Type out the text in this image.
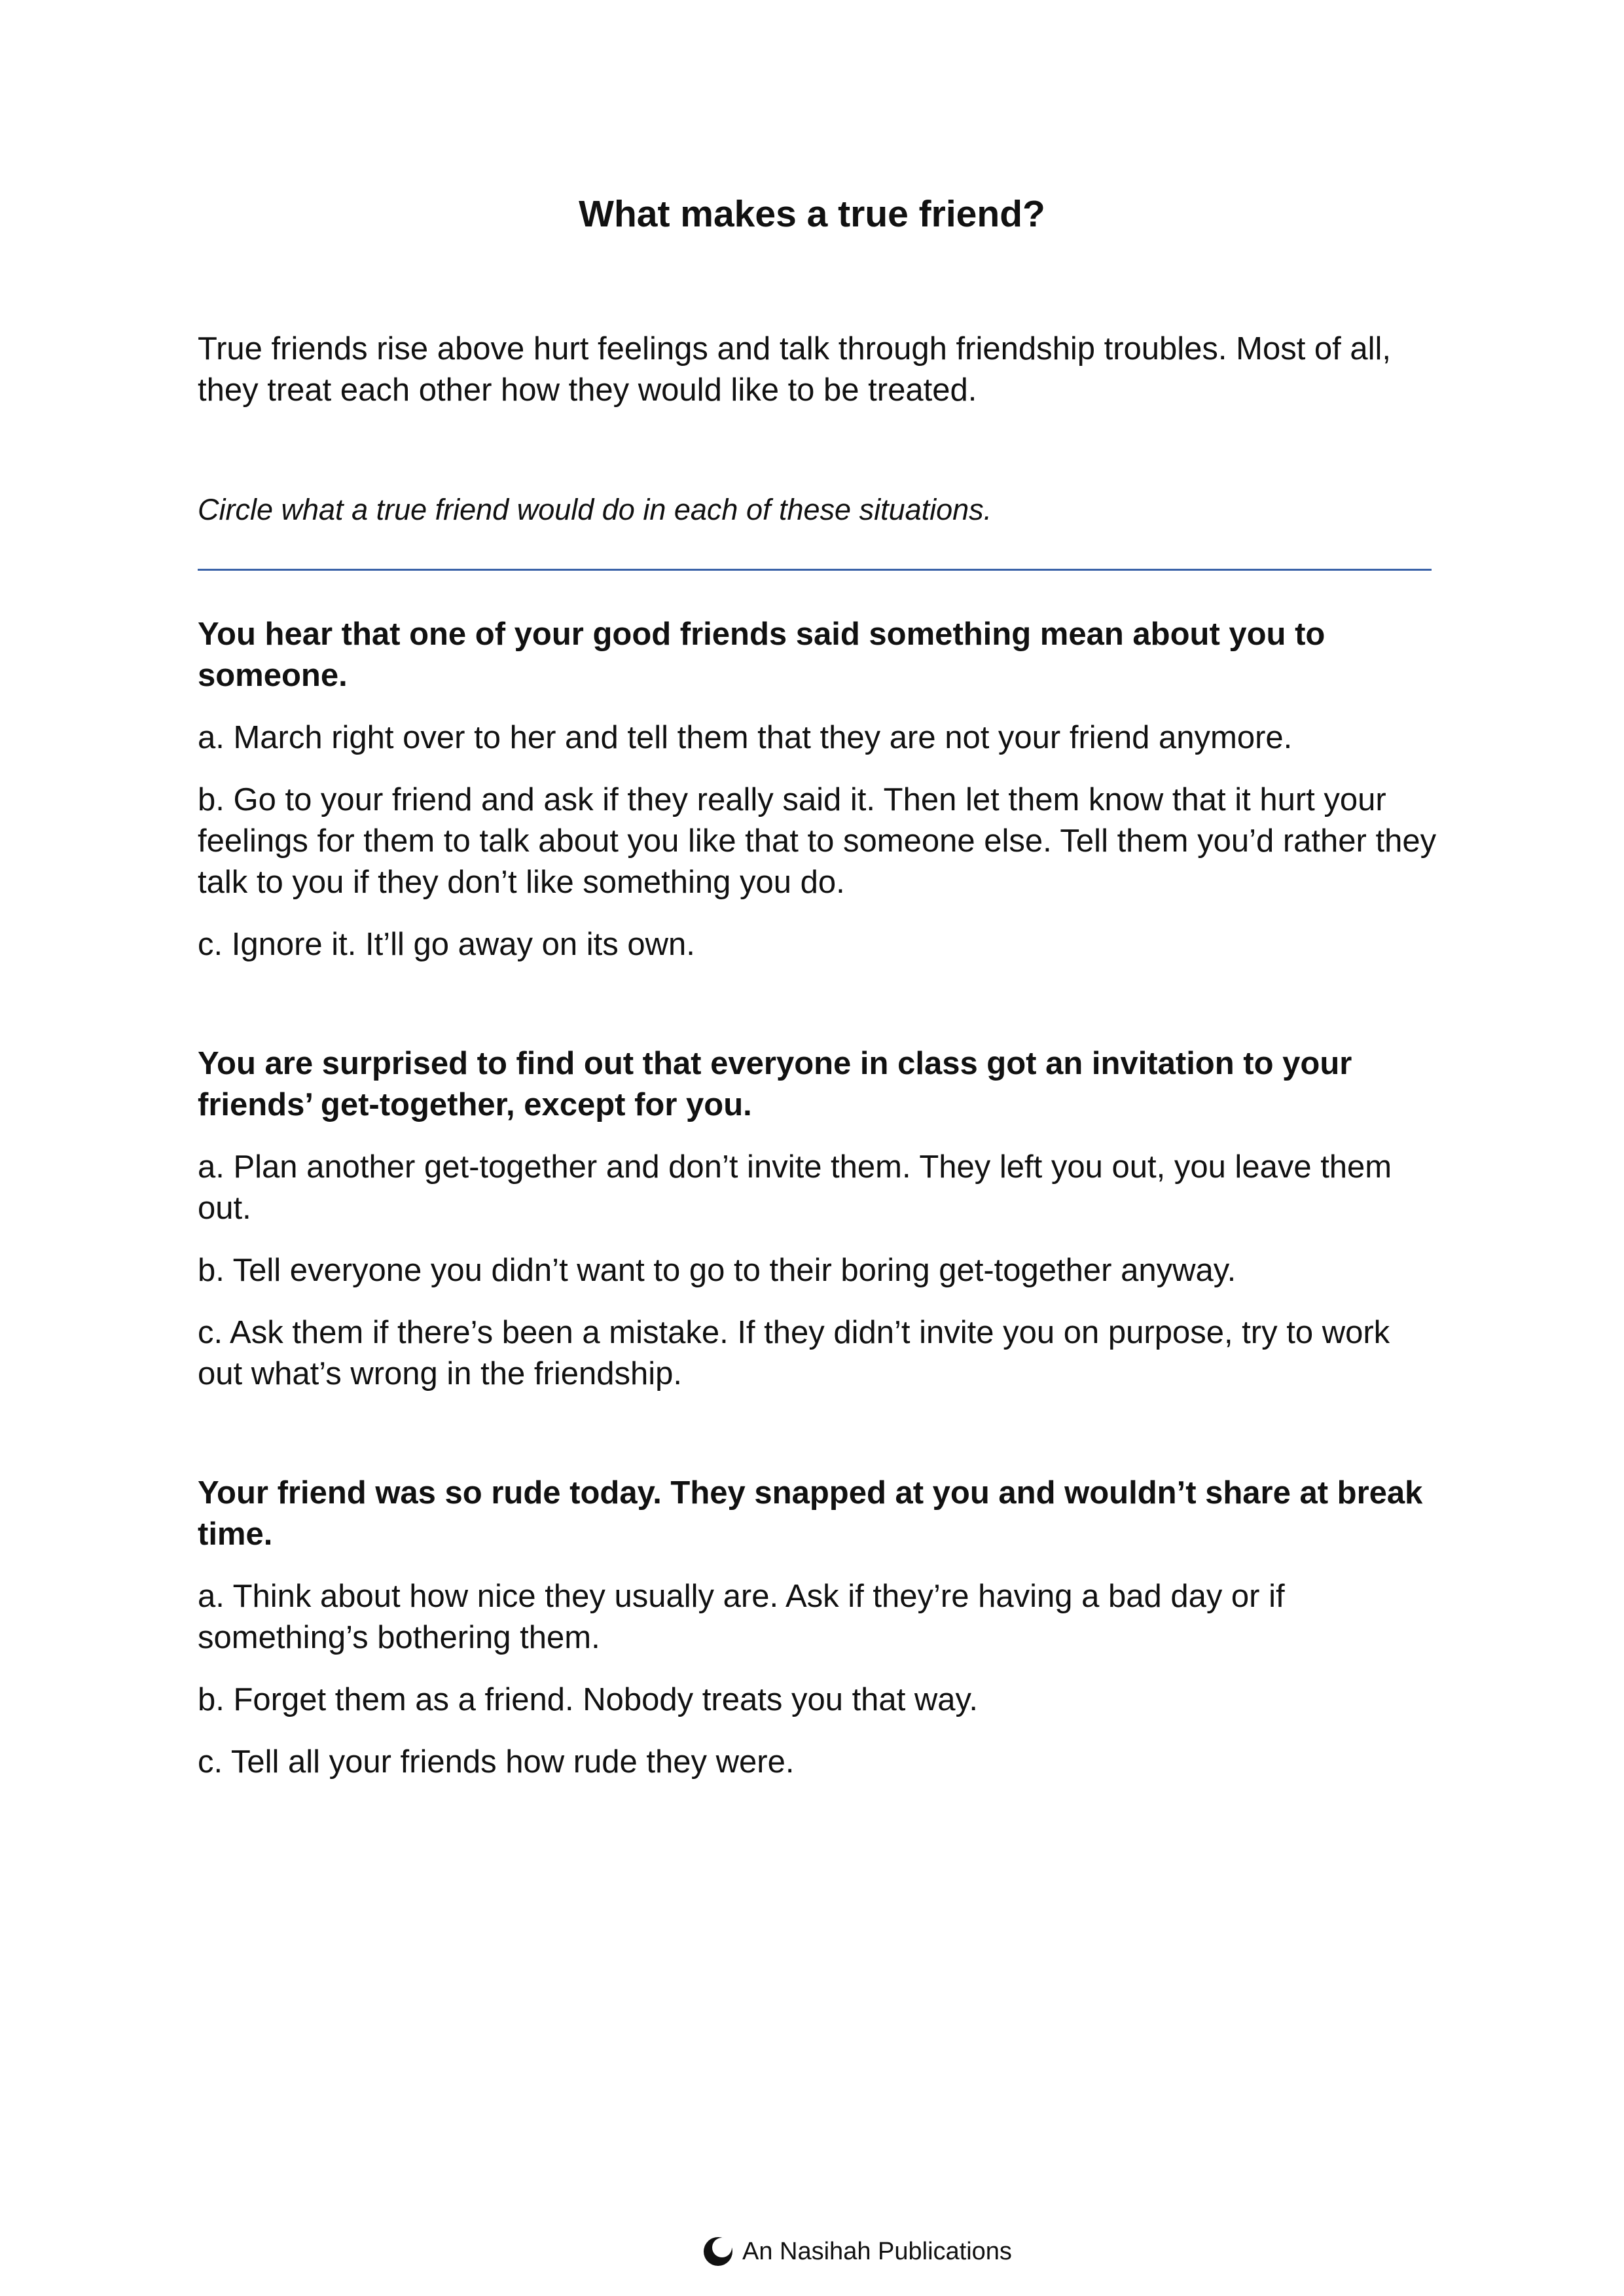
What makes a true friend?
True friends rise above hurt feelings and talk through friendship troubles. Most of all, they treat each other how they would like to be treated.
Circle what a true friend would do in each of these situations.
You hear that one of your good friends said something mean about you to someone.
a. March right over to her and tell them that they are not your friend anymore.
b. Go to your friend and ask if they really said it. Then let them know that it hurt your feelings for them to talk about you like that to someone else. Tell them you’d rather they talk to you if they don’t like something you do.
c. Ignore it. It’ll go away on its own.
You are surprised to find out that everyone in class got an invitation to your friends’ get-together, except for you.
a. Plan another get-together and don’t invite them. They left you out, you leave them out.
b. Tell everyone you didn’t want to go to their boring get-together anyway.
c. Ask them if there’s been a mistake. If they didn’t invite you on purpose, try to work out what’s wrong in the friendship.
Your friend was so rude today. They snapped at you and wouldn’t share at break time.
a. Think about how nice they usually are. Ask if they’re having a bad day or if something’s bothering them.
b. Forget them as a friend. Nobody treats you that way.
c. Tell all your friends how rude they were.
An Nasihah Publications
